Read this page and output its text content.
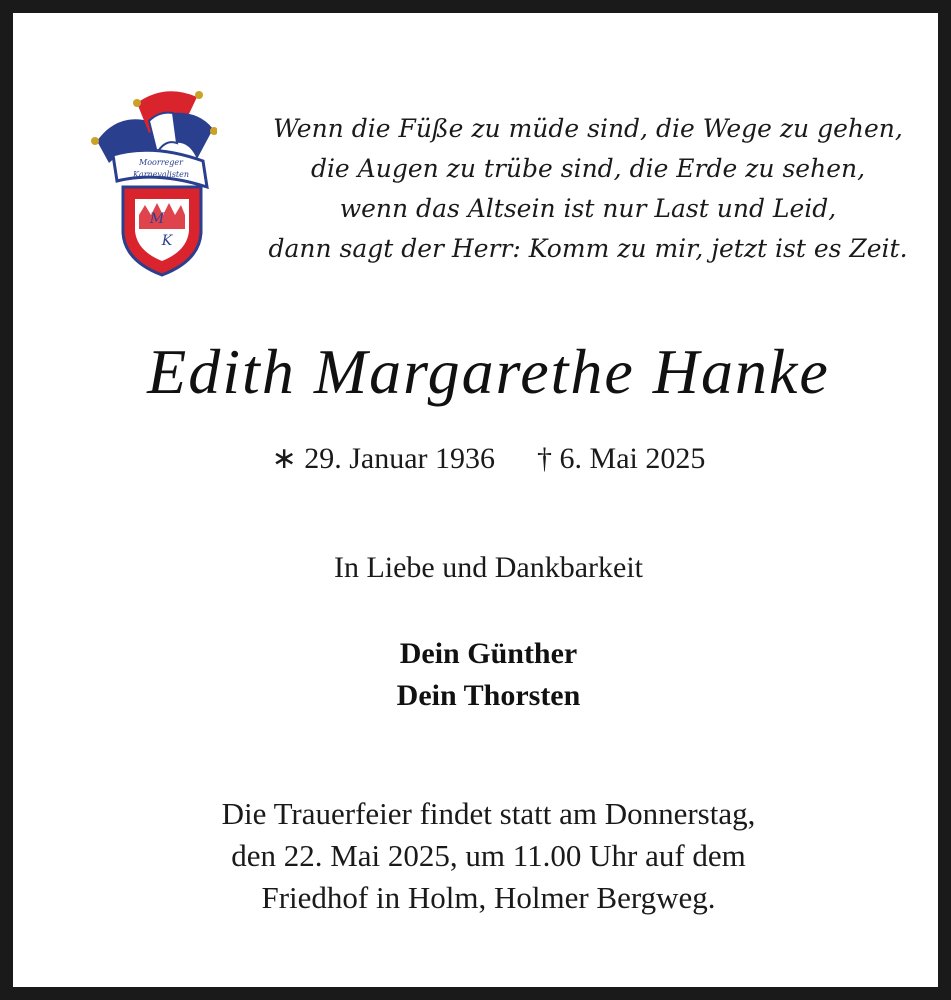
Moorreger
Karnevalisten
M
K
Wenn die Füße zu müde sind, die Wege zu gehen,
die Augen zu trübe sind, die Erde zu sehen,
wenn das Altsein ist nur Last und Leid,
dann sagt der Herr: Komm zu mir, jetzt ist es Zeit.
Edith Margarethe Hanke
∗ 29. Januar 1936 † 6. Mai 2025
In Liebe und Dankbarkeit
Dein Günther
Dein Thorsten
Die Trauerfeier findet statt am Donnerstag,
den 22. Mai 2025, um 11.00 Uhr auf dem
Friedhof in Holm, Holmer Bergweg.
